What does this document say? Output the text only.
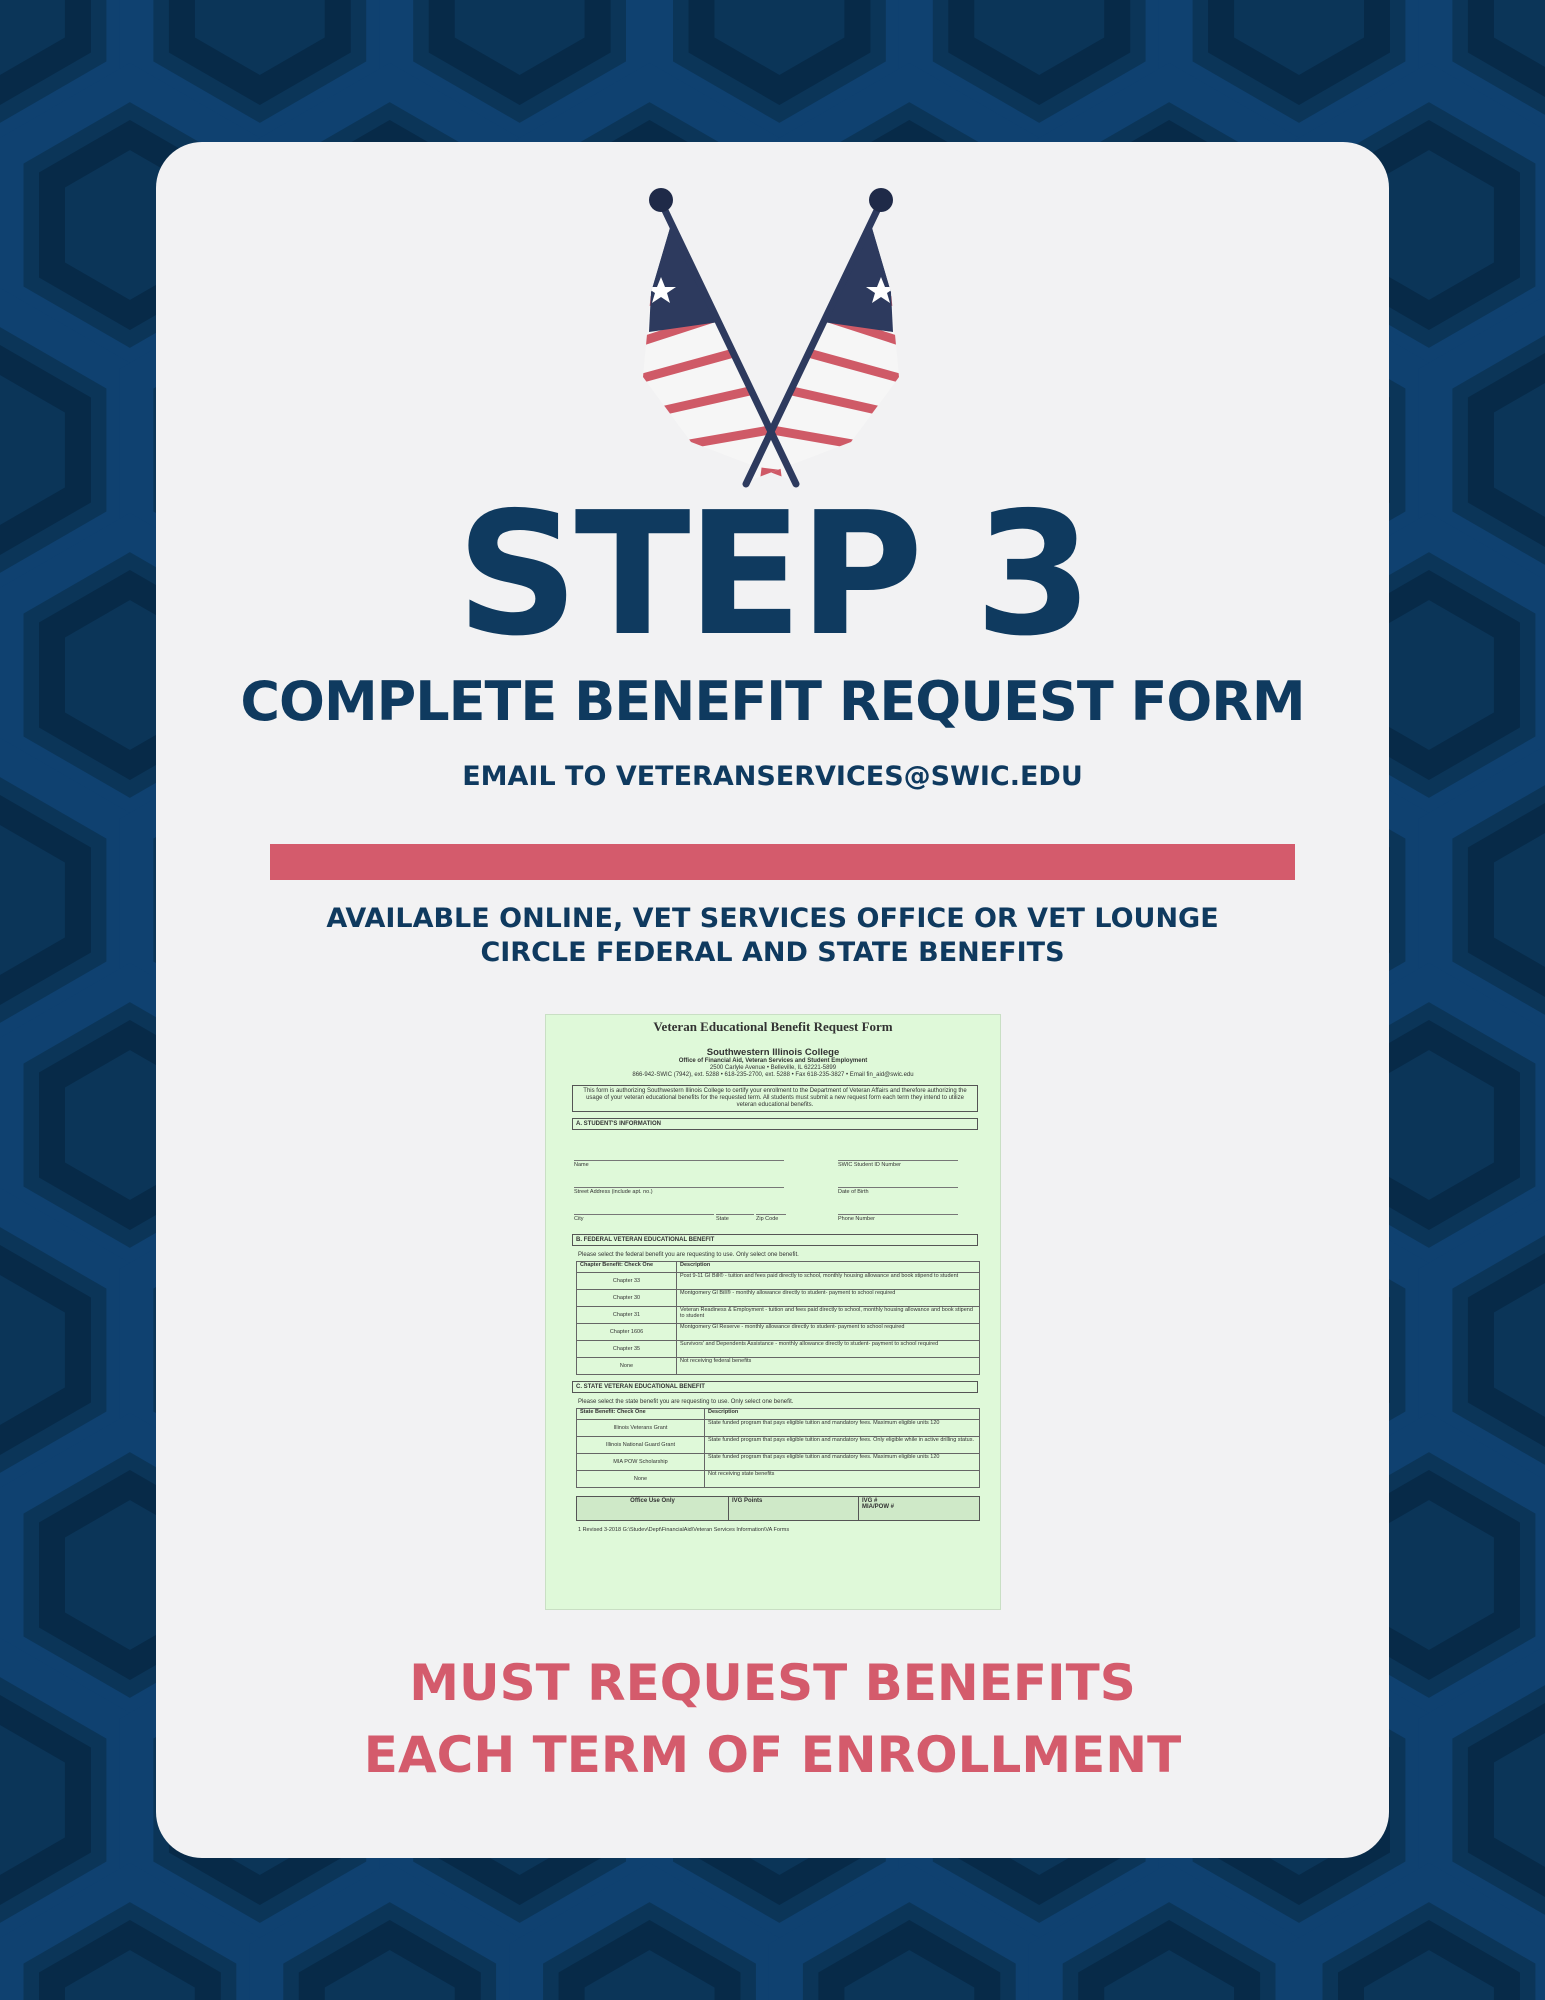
STEP 3
COMPLETE BENEFIT REQUEST FORM
EMAIL TO VETERANSERVICES@SWIC.EDU
AVAILABLE ONLINE, VET SERVICES OFFICE OR VET LOUNGE
CIRCLE FEDERAL AND STATE BENEFITS
Veteran Educational Benefit Request Form
Southwestern Illinois College
Office of Financial Aid, Veteran Services and Student Employment
2500 Carlyle Avenue • Belleville, IL 62221-5899
866-942-SWIC (7942), ext. 5288 • 618-235-2700, ext. 5288 • Fax 618-235-3827 • Email fin_aid@swic.edu
This form is authorizing Southwestern Illinois College to certify your enrollment to the Department of Veteran Affairs and therefore authorizing the usage of your veteran educational benefits for the requested term. All students must submit a new request form each term they intend to utilize veteran educational benefits.
A. STUDENT'S INFORMATION
Name	SWIC Student ID Number
Street Address (include apt. no.)	Date of Birth
City	State	Zip Code	Phone Number
B. FEDERAL VETERAN EDUCATIONAL BENEFIT
Please select the federal benefit you are requesting to use. Only select one benefit.
Chapter Benefit: Check One	Description
Chapter 33	Post 9-11 GI Bill® - tuition and fees paid directly to school, monthly housing allowance and book stipend to student
Chapter 30	Montgomery GI Bill® - monthly allowance directly to student- payment to school required
Chapter 31	Veteran Readiness & Employment - tuition and fees paid directly to school, monthly housing allowance and book stipend to student
Chapter 1606	Montgomery GI Reserve - monthly allowance directly to student- payment to school required
Chapter 35	Survivors' and Dependents Assistance - monthly allowance directly to student- payment to school required
None	Not receiving federal benefits
C. STATE VETERAN EDUCATIONAL BENEFIT
Please select the state benefit you are requesting to use. Only select one benefit.
State Benefit: Check One	Description
Illinois Veterans Grant	State funded program that pays eligible tuition and mandatory fees. Maximum eligible units 120
Illinois National Guard Grant	State funded program that pays eligible tuition and mandatory fees. Only eligible while in active drilling status.
MIA POW Scholarship	State funded program that pays eligible tuition and mandatory fees. Maximum eligible units 120
None	Not receiving state benefits
Office Use Only	IVG Points	IVG #
MIA/POW #
1 Revised 3-2018 G:\Studev\Dept\FinancialAid\Veteran Services Information\VA Forms
MUST REQUEST BENEFITS
EACH TERM OF ENROLLMENT
